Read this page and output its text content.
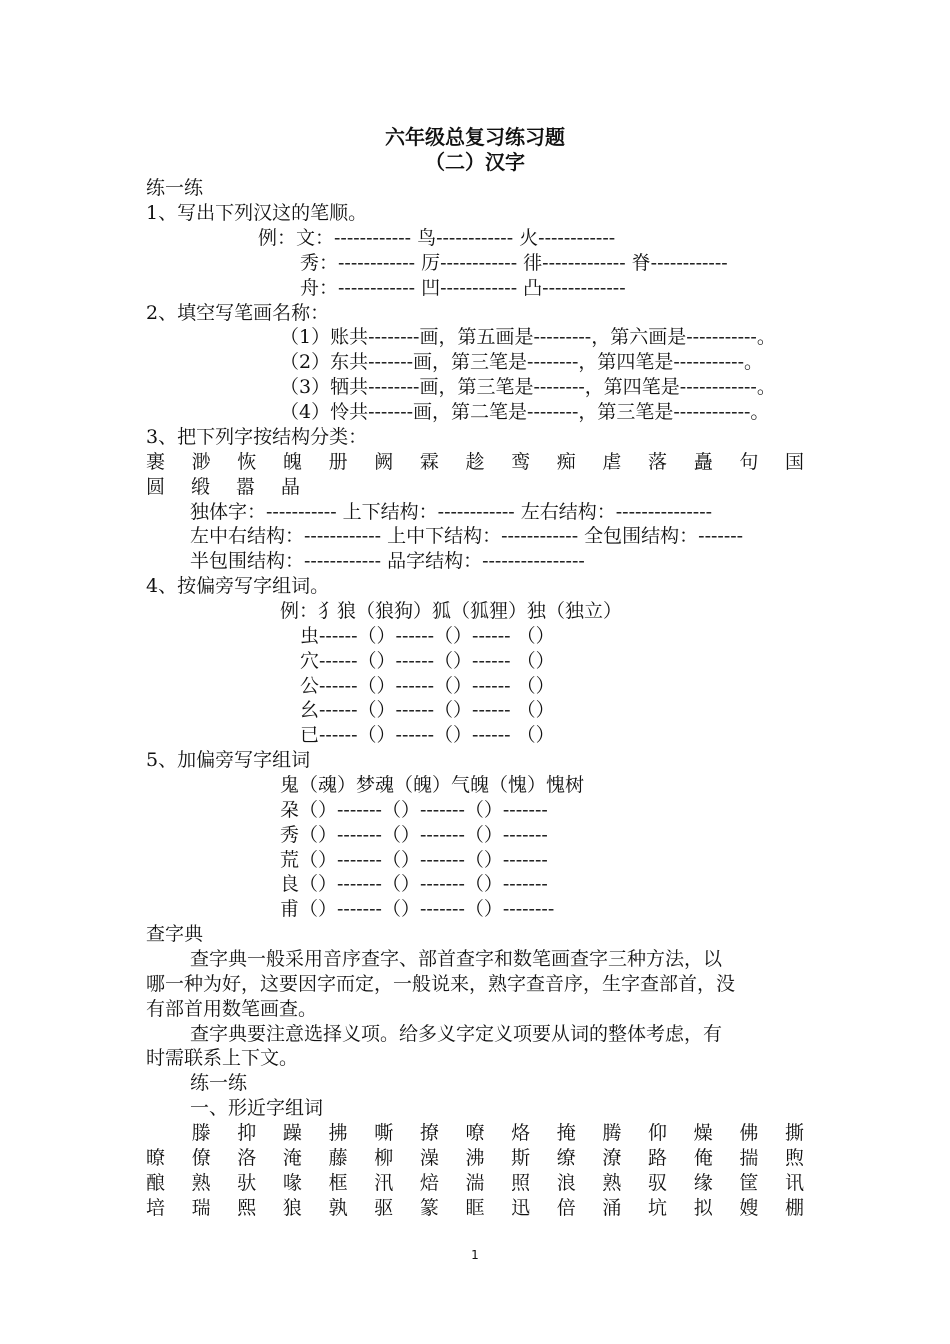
六年级总复习练习题
（二）汉字
练一练
1、写出下列汉这的笔顺。
例：文：------------ 鸟------------ 火------------
秀：------------ 厉------------ 徘------------- 脊------------
舟：------------ 凹------------ 凸-------------
2、填空写笔画名称：
（1）账共--------画，第五画是---------，第六画是-----------。
（2）东共-------画，第三笔是--------，第四笔是-----------。
（3）牺共--------画，第三笔是--------，第四笔是------------。
（4）怜共-------画，第二笔是--------，第三笔是------------。
3、把下列字按结构分类：
裹 渺 恢 魄 册 阙 霖 趁 鸾 痴 虐 落 矗 句 国
圆 缎 嚣 晶
独体字：----------- 上下结构：------------ 左右结构：---------------
左中右结构：------------ 上中下结构：------------ 全包围结构：-------
半包围结构：------------ 品字结构：----------------
4、按偏旁写字组词。
例：犭狼（狼狗）狐（狐狸）独（独立）
虫------（）------（）------ （）
穴------（）------（）------ （）
公------（）------（）------ （）
幺------（）------（）------ （）
已------（）------（）------ （）
5、加偏旁写字组词
鬼（魂）梦魂（魄）气魄（愧）愧树
朶（）-------（）-------（）-------
秀（）-------（）-------（）-------
荒（）-------（）-------（）-------
良（）-------（）-------（）-------
甫（）-------（）-------（）--------
查字典
查字典一般采用音序查字、部首查字和数笔画查字三种方法，以
哪一种为好，这要因字而定，一般说来，熟字查音序，生字查部首，没
有部首用数笔画查。
查字典要注意选择义项。给多义字定义项要从词的整体考虑，有
时需联系上下文。
练一练
一、形近字组词
滕 抑 躁 拂 嘶 撩 嘹 烙 掩 腾 仰 燥 佛 撕
暸 僚 洛 淹 藤 柳 澡 沸 斯 缭 潦 路 俺 揣 煦
酿 熟 驮 喙 框 汛 焙 湍 照 浪 熟 驭 缘 筐 讯
培 瑞 熙 狼 孰 驱 篆 眶 迅 倍 涌 坑 拟 嫂 棚
1
